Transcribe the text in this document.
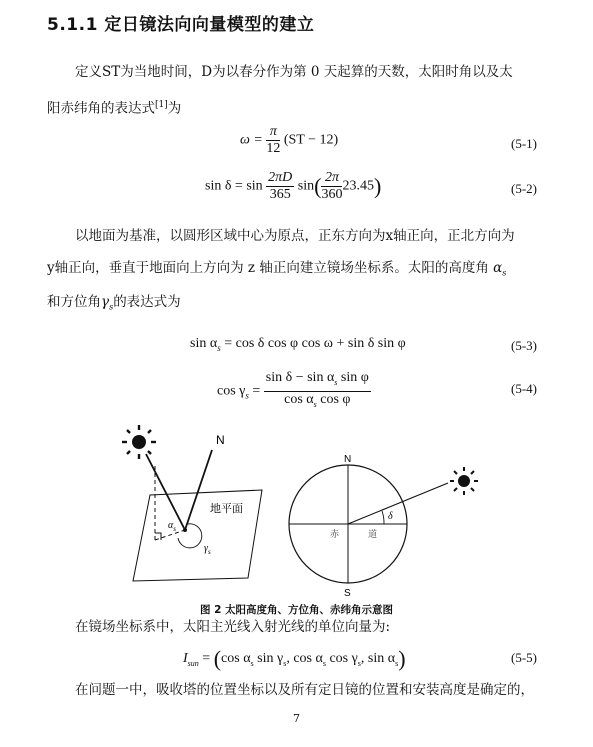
5.1.1 定日镜法向向量模型的建立
定义ST为当地时间，D为以春分作为第 0 天起算的天数，太阳时角以及太
阳赤纬角的表达式[1]为
$\omega = \frac{\pi}{12} (ST - 12)$	(5-1)
$\sin \delta = \sin \frac{2\pi D}{365} \sin( \frac{2\pi}{360} 23.45)$	(5-2)
以地面为基准，以圆形区域中心为原点，正东方向为x轴正向，正北方向为
y轴正向，垂直于地面向上方向为 z 轴正向建立镜场坐标系。太阳的高度角 $\alpha_s$
和方位角$\gamma_s$的表达式为
$\sin \alpha_s = \cos \delta$ cos φ cos ω + sin δ sin φ	(5-3)
$\cos \gamma_s = \frac{\sin \delta - \sin \alpha_s \sin \varphi}{\cos \alpha_s \cos \varphi}$	(5-4)
N
地平面
$\alpha_s$
$\gamma_s$
N
S
赤	道
δ
图 2 太阳高度角、方位角、赤纬角示意图
在镜场坐标系中，太阳主光线入射光线的单位向量为:
$I_{sun} = (\cos$ $\alpha_s$ $\sin \gamma_s$, $\cos \alpha_s$ $\cos \gamma_s$, $\sin \alpha_s$)	(5-5)
在问题一中，吸收塔的位置坐标以及所有定日镜的位置和安装高度是确定的，
7
